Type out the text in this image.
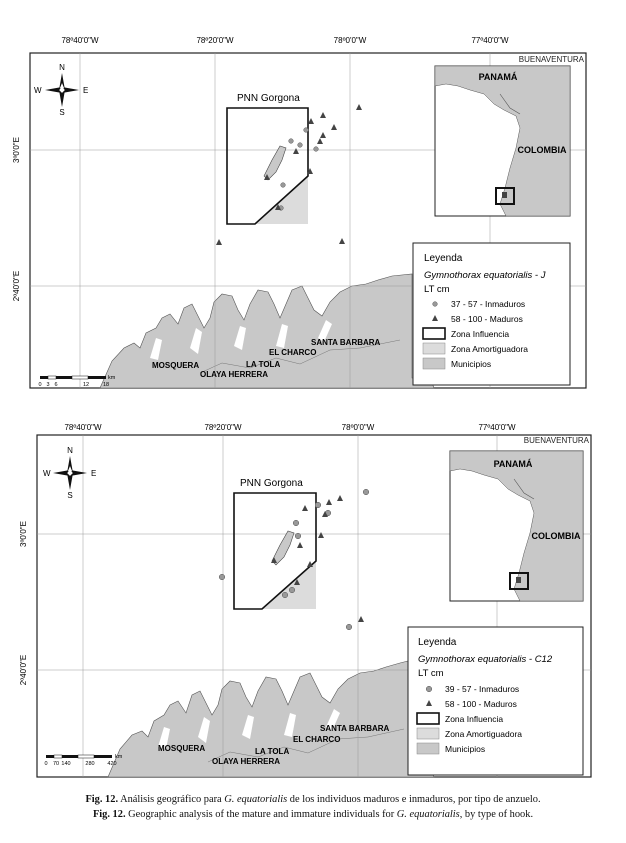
78º40'0"W	78º20'0"W	78º0'0"W	77º40'0"W
3º0'0"E
2º40'0"E
PNN Gorgona
PANAMÁ
COLOMBIA
BUENAVENTURA
N
S
E
W
MOSQUERA	LA TOLA
OLAYA HERRERA
EL CHARCO
SANTA BARBARA
0 3 6	12	18
km
Leyenda
Gymnothorax equatorialis - J
LT cm
37 - 57 - Inmaduros
58 - 100 - Maduros
Zona Influencia
Zona Amortiguadora
Municipios
78º40'0"W	78º20'0"W	78º0'0"W	77º40'0"W
3º0'0"E
2º40'0"E
PNN Gorgona
PANAMÁ
COLOMBIA
BUENAVENTURA
N
S
E
W
MOSQUERA	LA TOLA
OLAYA HERRERA
EL CHARCO
SANTA BARBARA
0 70 140	280 420
km
Leyenda
Gymnothorax equatorialis - C12
LT cm
39 - 57 - Inmaduros
58 - 100 - Maduros
Zona Influencia
Zona Amortiguadora
Municipios
Fig. 12. Análisis geográfico para G. equatorialis de los individuos maduros e inmaduros, por tipo de anzuelo.
Fig. 12. Geographic analysis of the mature and immature individuals for G. equatorialis, by type of hook.
